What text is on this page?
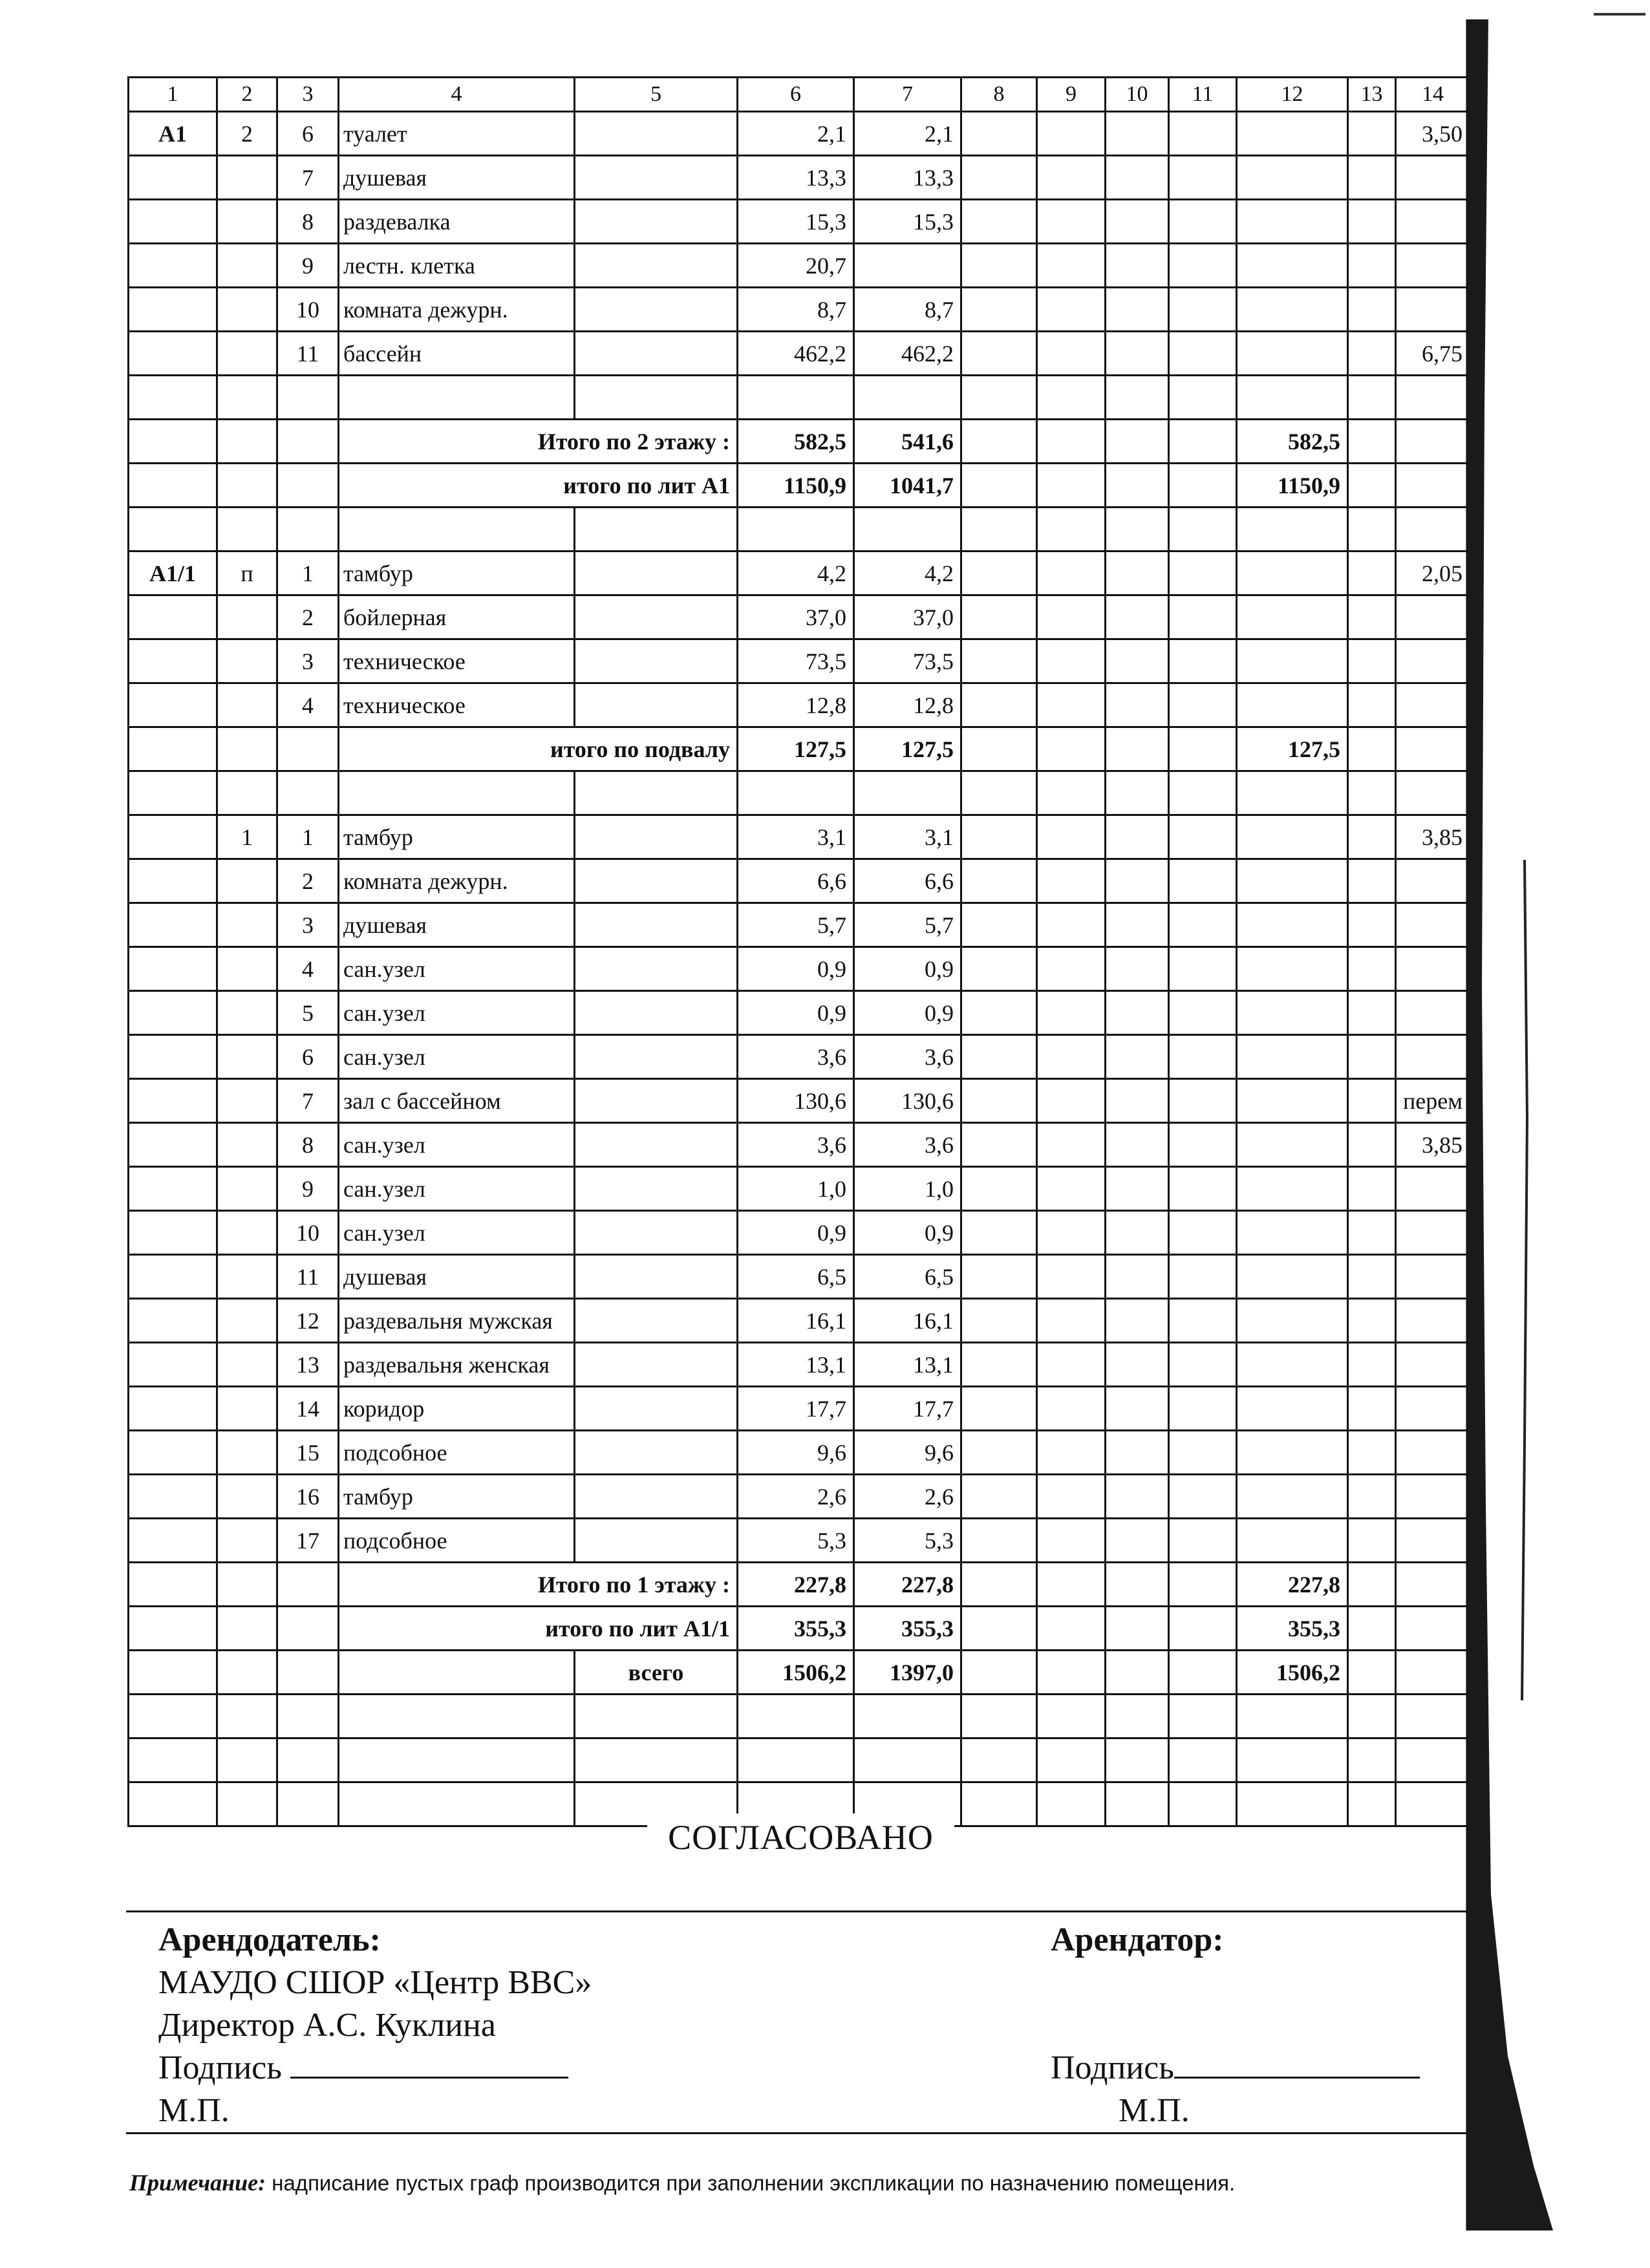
1	2	3	4	5	6	7	8	9	10	11	12	13	14
А1	2	6	туалет		2,1	2,1							3,50
		7	душевая		13,3	13,3							
		8	раздевалка		15,3	15,3							
		9	лестн. клетка		20,7								
		10	комната дежурн.		8,7	8,7							
		11	бассейн		462,2	462,2							6,75

			Итого по 2 этажу :		582,5	541,6					582,5		
			итого по лит А1		1150,9	1041,7					1150,9		

А1/1	п	1	тамбур		4,2	4,2							2,05
		2	бойлерная		37,0	37,0							
		3	техническое		73,5	73,5							
		4	техническое		12,8	12,8							
			итого по подвалу		127,5	127,5					127,5		

	1	1	тамбур		3,1	3,1							3,85
		2	комната дежурн.		6,6	6,6							
		3	душевая		5,7	5,7							
		4	сан.узел		0,9	0,9							
		5	сан.узел		0,9	0,9							
		6	сан.узел		3,6	3,6							
		7	зал с бассейном		130,6	130,6							перем
		8	сан.узел		3,6	3,6							3,85
		9	сан.узел		1,0	1,0							
		10	сан.узел		0,9	0,9							
		11	душевая		6,5	6,5							
		12	раздевальня мужская		16,1	16,1							
		13	раздевальня женская		13,1	13,1							
		14	коридор		17,7	17,7							
		15	подсобное		9,6	9,6							
		16	тамбур		2,6	2,6							
		17	подсобное		5,3	5,3							
			Итого по 1 этажу :		227,8	227,8					227,8		
			итого по лит А1/1		355,3	355,3					355,3		
				всего	1506,2	1397,0					1506,2		

СОГЛАСОВАНО
Арендодатель:
МАУДО СШОР «Центр ВВС»
Директор А.С. Куклина
Подпись
М.П.
Арендатор:
Подпись
М.П.
Примечание: надписание пустых граф производится при заполнении экспликации по назначению помещения.
